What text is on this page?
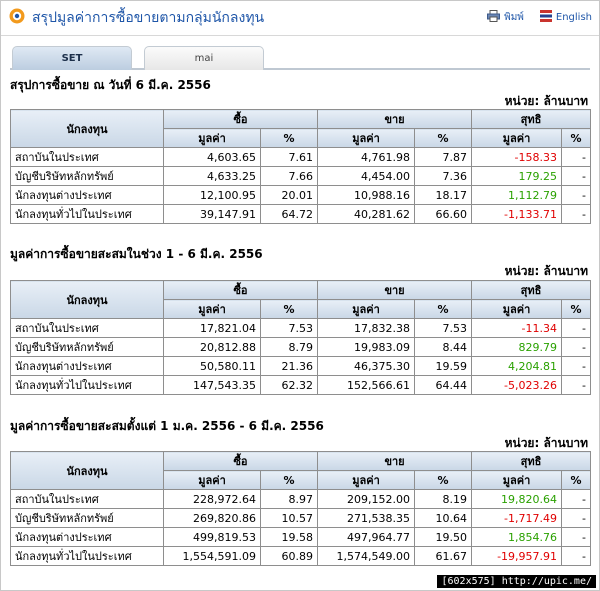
สรุปมูลค่าการซื้อขายตามกลุ่มนักลงทุน	พิมพ์	English
SET	mai
สรุปการซื้อขาย ณ วันที่ 6 มี.ค. 2556
หน่วย: ล้านบาท
นักลงทุน	ซื้อ		ขาย		สุทธิ	
	มูลค่า	%	มูลค่า	%	มูลค่า	%
สถาบันในประเทศ	4,603.65	7.61	4,761.98	7.87	-158.33	-
บัญชีบริษัทหลักทรัพย์	4,633.25	7.66	4,454.00	7.36	179.25	-
นักลงทุนต่างประเทศ	12,100.95	20.01	10,988.16	18.17	1,112.79	-
นักลงทุนทั่วไปในประเทศ	39,147.91	64.72	40,281.62	66.60	-1,133.71	-
มูลค่าการซื้อขายสะสมในช่วง 1 - 6 มี.ค. 2556
หน่วย: ล้านบาท
นักลงทุน	ซื้อ		ขาย		สุทธิ	
	มูลค่า	%	มูลค่า	%	มูลค่า	%
สถาบันในประเทศ	17,821.04	7.53	17,832.38	7.53	-11.34	-
บัญชีบริษัทหลักทรัพย์	20,812.88	8.79	19,983.09	8.44	829.79	-
นักลงทุนต่างประเทศ	50,580.11	21.36	46,375.30	19.59	4,204.81	-
นักลงทุนทั่วไปในประเทศ	147,543.35	62.32	152,566.61	64.44	-5,023.26	-
มูลค่าการซื้อขายสะสมตั้งแต่ 1 ม.ค. 2556 - 6 มี.ค. 2556
หน่วย: ล้านบาท
นักลงทุน	ซื้อ		ขาย		สุทธิ	
	มูลค่า	%	มูลค่า	%	มูลค่า	%
สถาบันในประเทศ	228,972.64	8.97	209,152.00	8.19	19,820.64	-
บัญชีบริษัทหลักทรัพย์	269,820.86	10.57	271,538.35	10.64	-1,717.49	-
นักลงทุนต่างประเทศ	499,819.53	19.58	497,964.77	19.50	1,854.76	-
นักลงทุนทั่วไปในประเทศ	1,554,591.09	60.89	1,574,549.00	61.67	-19,957.91	-
[602x575] http://upic.me/
